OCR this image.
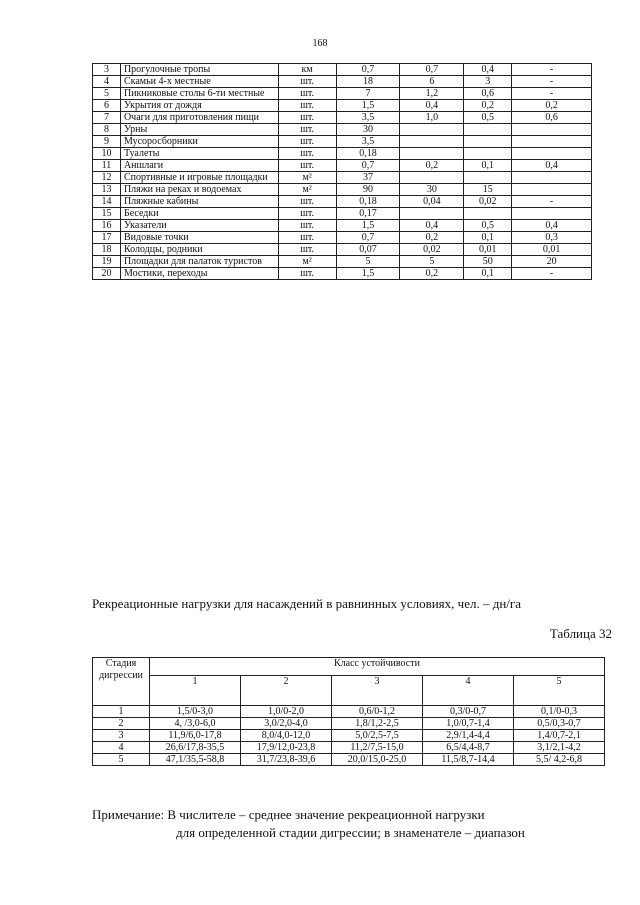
168
3	Прогулочные тропы	км	0,7	0,7	0,4	-
4	Скамьи 4-х местные	шт.	18	6	3	-
5	Пикниковые столы 6-ти местные	шт.	7	1,2	0,6	-
6	Укрытия от дождя	шт.	1,5	0,4	0,2	0,2
7	Очаги для приготовления пищи	шт.	3,5	1,0	0,5	0,6
8	Урны	шт.	30			
9	Мусоросборники	шт.	3,5			
10	Туалеты	шт.	0,18			
11	Аншлаги	шт.	0,7	0,2	0,1	0,4
12	Спортивные и игровые площадки	м²	37			
13	Пляжи на реках и водоемах	м²	90	30	15	
14	Пляжные кабины	шт.	0,18	0,04	0,02	-
15	Беседки	шт.	0,17			
16	Указатели	шт.	1,5	0,4	0,5	0,4
17	Видовые точки	шт.	0,7	0,2	0,1	0,3
18	Колодцы, родники	шт.	0,07	0,02	0,01	0,01
19	Площадки для палаток туристов	м²	5	5	50	20
20	Мостики, переходы	шт.	1,5	0,2	0,1	-
Рекреационные нагрузки для насаждений в равнинных условиях, чел. – дн/га
Таблица 32
Стадия дигрессии	Класс устойчивости				
	1	2	3	4	5
1	1,5/0-3,0	1,0/0-2,0	0,6/0-1,2	0,3/0-0,7	0,1/0-0,3
2	4, /3,0-6,0	3,0/2,0-4,0	1,8/1,2-2,5	1,0/0,7-1,4	0,5/0,3-0,7
3	11,9/6,0-17,8	8,0/4,0-12,0	5,0/2,5-7,5	2,9/1,4-4,4	1,4/0,7-2,1
4	26,6/17,8-35,5	17,9/12,0-23,8	11,2/7,5-15,0	6,5/4,4-8,7	3,1/2,1-4,2
5	47,1/35,5-58,8	31,7/23,8-39,6	20,0/15,0-25,0	11,5/8,7-14,4	5,5/ 4,2-6,8
Примечание: В числителе – среднее значение рекреационной нагрузки
для определенной стадии дигрессии; в знаменателе – диапазон
